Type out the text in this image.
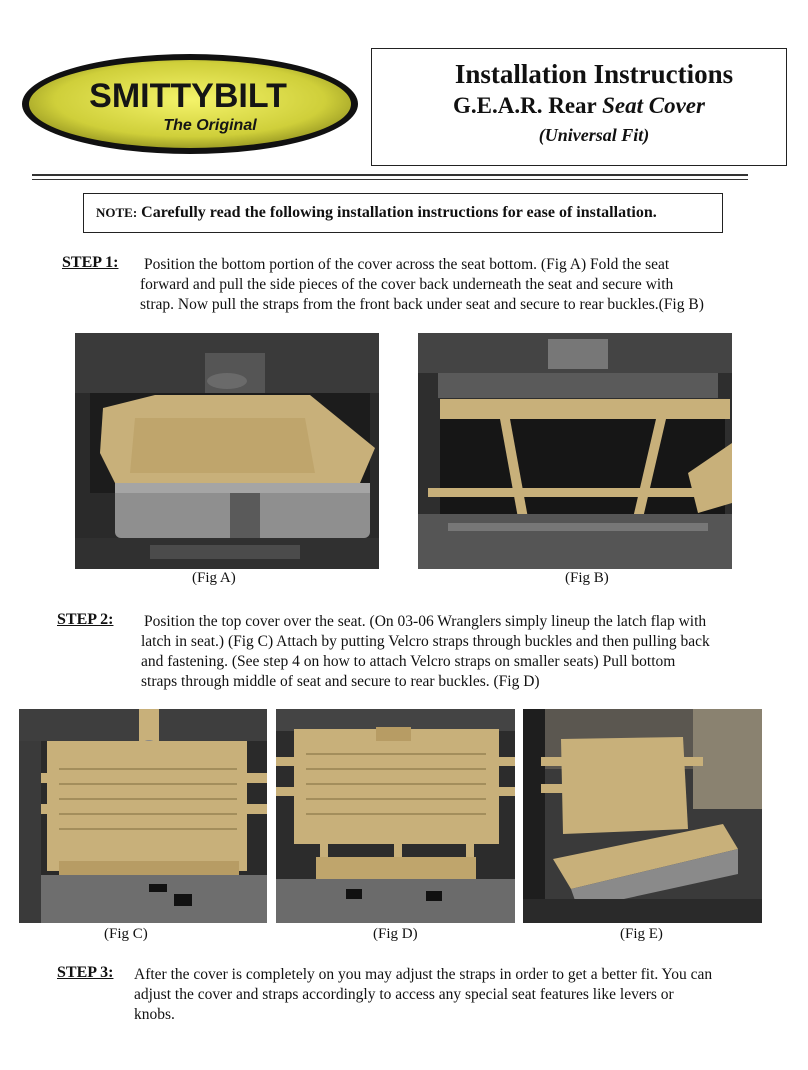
SMITTYBILT
The Original
Installation Instructions
G.E.A.R. Rear Seat Cover
(Universal Fit)
NOTE: Carefully read the following installation instructions for ease of installation.
STEP 1: Position the bottom portion of the cover across the seat bottom. (Fig A) Fold the seat
forward and pull the side pieces of the cover back underneath the seat and secure with
strap. Now pull the straps from the front back under seat and secure to rear buckles.(Fig B)
(Fig A)	(Fig B)
STEP 2: Position the top cover over the seat. (On 03-06 Wranglers simply lineup the latch flap with
latch in seat.) (Fig C) Attach by putting Velcro straps through buckles and then pulling back
and fastening. (See step 4 on how to attach Velcro straps on smaller seats) Pull bottom
straps through middle of seat and secure to rear buckles. (Fig D)
(Fig C)	(Fig D)	(Fig E)
STEP 3: After the cover is completely on you may adjust the straps in order to get a better fit. You can
adjust the cover and straps accordingly to access any special seat features like levers or
knobs.
